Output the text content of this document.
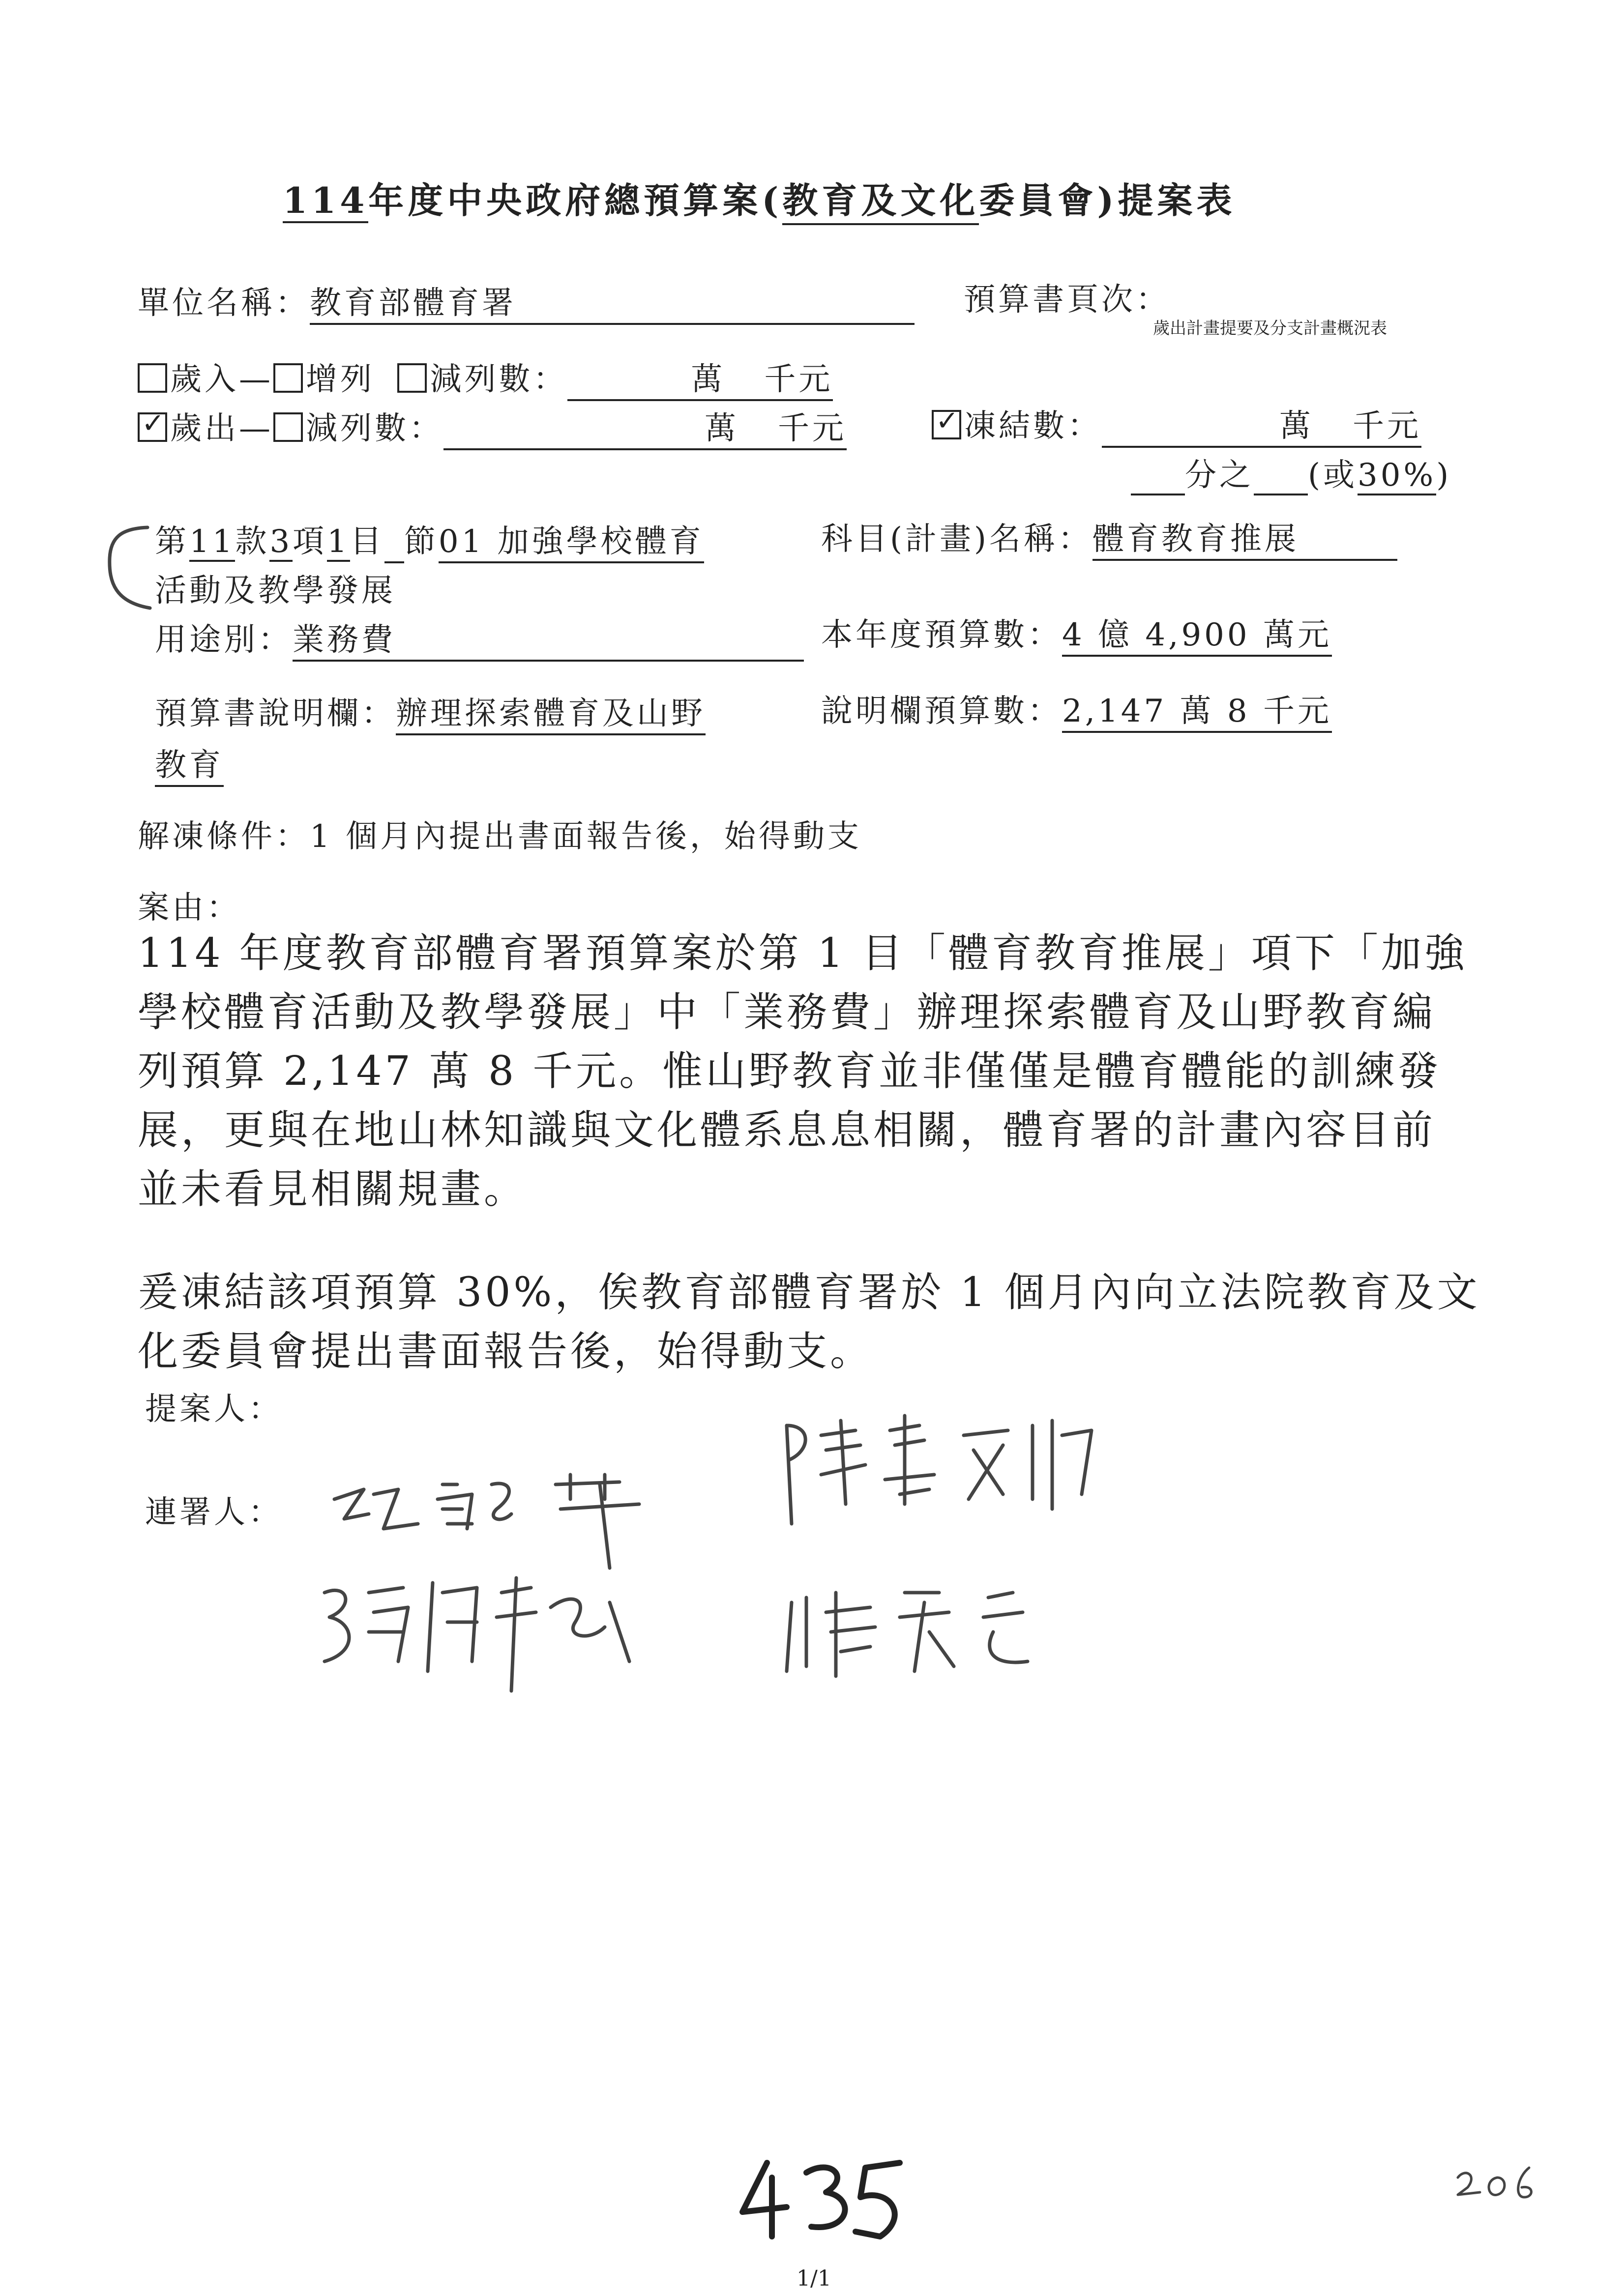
114年度中央政府總預算案(教育及文化委員會)提案表
單位名稱：教育部體育署	預算書頁次：
歲出計畫提要及分支計畫概況表
歲入— 增列 減列數：	萬 千元
✓歲出— 減列數：	萬 千元
✓	凍結數：	萬 千元
分之 (或30%)
第11款3項1目 節01 加強學校體育
活動及教學發展
科目(計畫)名稱：體育教育推展
用途別：業務費	本年度預算數：4 億 4,900 萬元
預算書說明欄：辦理探索體育及山野
教育
說明欄預算數：2,147 萬 8 千元
解凍條件：1 個月內提出書面報告後，始得動支
案由：
114 年度教育部體育署預算案於第 1 目「體育教育推展」項下「加強
學校體育活動及教學發展」中「業務費」辦理探索體育及山野教育編
列預算 2,147 萬 8 千元。惟山野教育並非僅僅是體育體能的訓練發
展，更與在地山林知識與文化體系息息相關，體育署的計畫內容目前
並未看見相關規畫。
爰凍結該項預算 30%，俟教育部體育署於 1 個月內向立法院教育及文
化委員會提出書面報告後，始得動支。
提案人：
連署人：
1/1
